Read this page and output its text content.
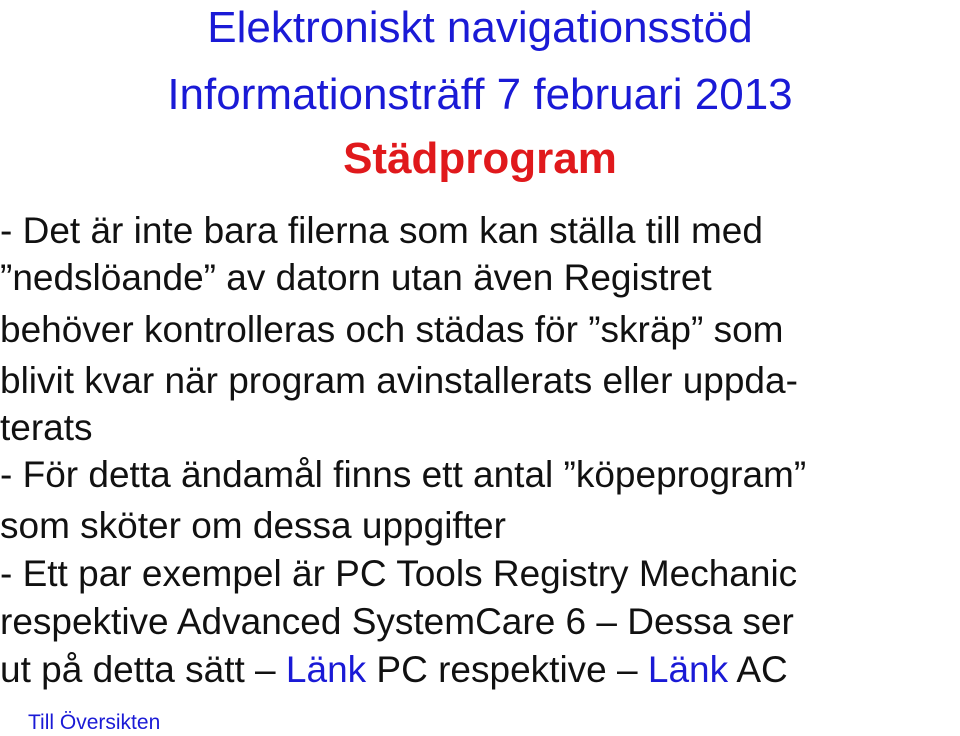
Elektroniskt navigationsstöd
Informationsträff 7 februari 2013
Städprogram
- Det är inte bara filerna som kan ställa till med
”nedslöande” av datorn utan även Registret
behöver kontrolleras och städas för ”skräp” som
blivit kvar när program avinstallerats eller uppda-
terats
- För detta ändamål finns ett antal ”köpeprogram”
som sköter om dessa uppgifter
- Ett par exempel är PC Tools Registry Mechanic
respektive Advanced SystemCare 6 – Dessa ser
ut på detta sätt – Länk PC respektive – Länk AC
Till Översikten
